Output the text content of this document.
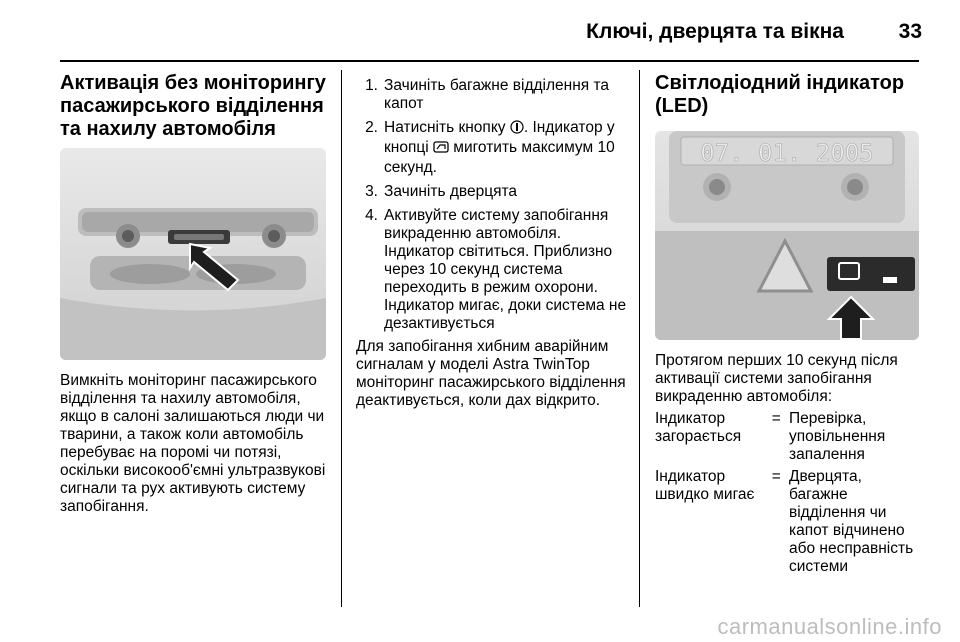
Ключі, дверцята та вікна	33
Активація без моніторингу пасажирського відділення та нахилу автомобіля

Вимкніть моніторинг пасажирського відділення та нахилу автомобіля, якщо в салоні залишаються люди чи тварини, а також коли автомобіль перебуває на поромі чи потязі, оскільки високооб'ємні ультразвукові сигнали та рух активують систему запобігання.

1. Зачиніть багажне відділення та капот
2. Натисніть кнопку . Індикатор у кнопці  миготить максимум 10 секунд.
3. Зачиніть дверцята
4. Активуйте систему запобігання викраденню автомобіля. Індикатор світиться. Приблизно через 10 секунд система переходить в режим охорони. Індикатор мигає, доки система не дезактивується

Для запобігання хибним аварійним сигналам у моделі Astra TwinTop моніторинг пасажирського відділення деактивується, коли дах відкрито.

Світлодіодний індикатор (LED)
07. 01. 2005

Протягом перших 10 секунд після активації системи запобігання викраденню автомобіля:

Індикатор загорається
= Перевірка, уповільнення запалення
Індикатор швидко мигає
= Дверцята, багажне відділення чи капот відчинено або несправність системи
carmanualsonline.info
